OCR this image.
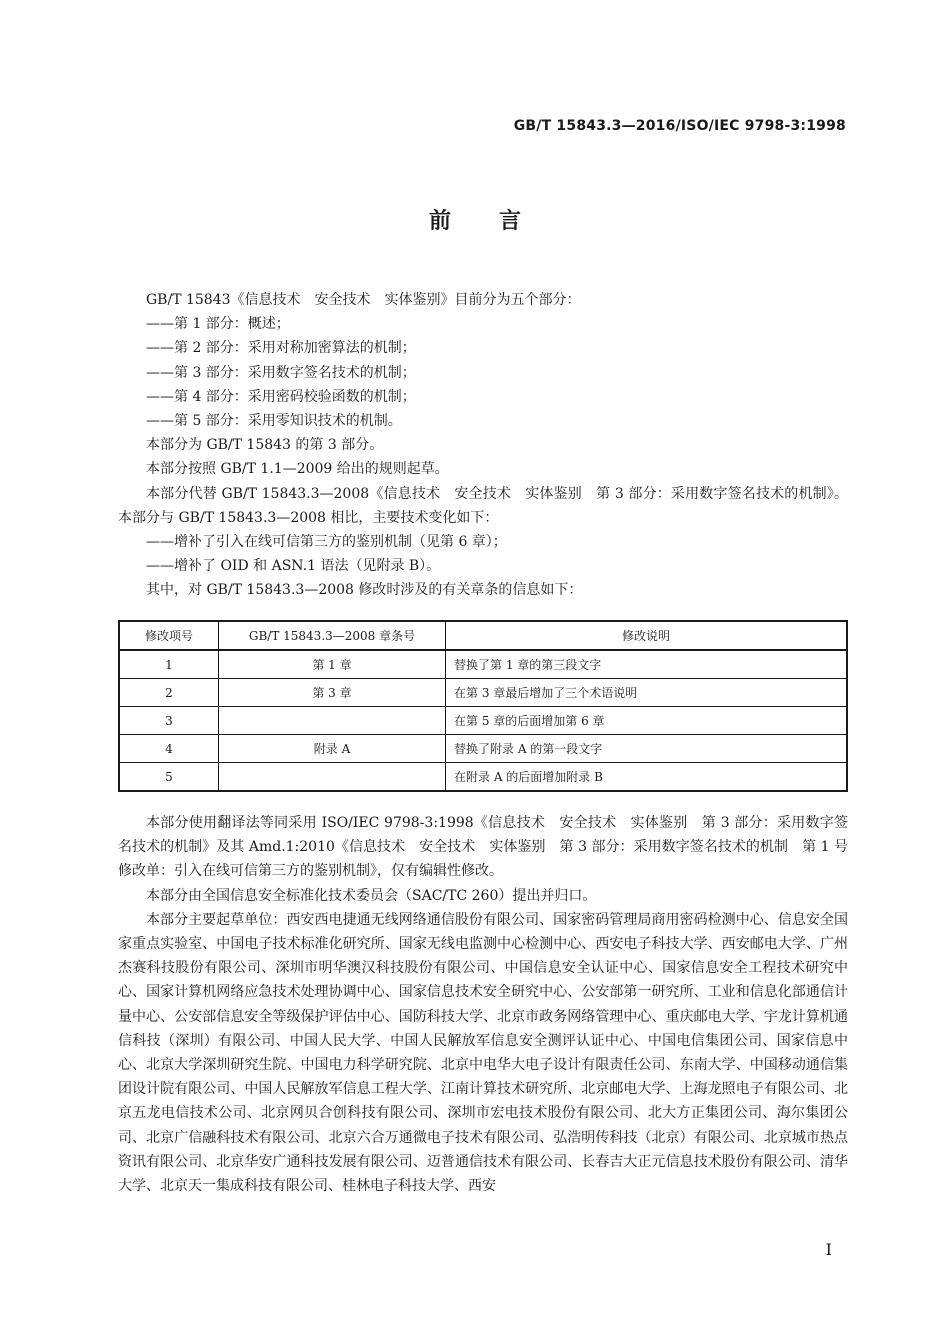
GB/T 15843.3—2016/ISO/IEC 9798-3:1998
前言

GB/T 15843《信息技术　安全技术　实体鉴别》目前分为五个部分：

——第 1 部分：概述；

——第 2 部分：采用对称加密算法的机制；

——第 3 部分：采用数字签名技术的机制；

——第 4 部分：采用密码校验函数的机制；

——第 5 部分：采用零知识技术的机制。

本部分为 GB/T 15843 的第 3 部分。

本部分按照 GB/T 1.1—2009 给出的规则起草。

本部分代替 GB/T 15843.3—2008《信息技术　安全技术　实体鉴别　第 3 部分：采用数字签名技术的机制》。本部分与 GB/T 15843.3—2008 相比，主要技术变化如下：

——增补了引入在线可信第三方的鉴别机制（见第 6 章）；

——增补了 OID 和 ASN.1 语法（见附录 B）。

其中，对 GB/T 15843.3—2008 修改时涉及的有关章条的信息如下：

修改项号	GB/T 15843.3—2008 章条号	修改说明
1	第 1 章	替换了第 1 章的第三段文字
2	第 3 章	在第 3 章最后增加了三个术语说明
3		在第 5 章的后面增加第 6 章
4	附录 A	替换了附录 A 的第一段文字
5		在附录 A 的后面增加附录 B

本部分使用翻译法等同采用 ISO/IEC 9798-3:1998《信息技术　安全技术　实体鉴别　第 3 部分：采用数字签名技术的机制》及其 Amd.1:2010《信息技术　安全技术　实体鉴别　第 3 部分：采用数字签名技术的机制　第 1 号修改单：引入在线可信第三方的鉴别机制》，仅有编辑性修改。

本部分由全国信息安全标准化技术委员会（SAC/TC 260）提出并归口。

本部分主要起草单位：西安西电捷通无线网络通信股份有限公司、国家密码管理局商用密码检测中心、信息安全国家重点实验室、中国电子技术标准化研究所、国家无线电监测中心检测中心、西安电子科技大学、西安邮电大学、广州杰赛科技股份有限公司、深圳市明华澳汉科技股份有限公司、中国信息安全认证中心、国家信息安全工程技术研究中心、国家计算机网络应急技术处理协调中心、国家信息技术安全研究中心、公安部第一研究所、工业和信息化部通信计量中心、公安部信息安全等级保护评估中心、国防科技大学、北京市政务网络管理中心、重庆邮电大学、宇龙计算机通信科技（深圳）有限公司、中国人民大学、中国人民解放军信息安全测评认证中心、中国电信集团公司、国家信息中心、北京大学深圳研究生院、中国电力科学研究院、北京中电华大电子设计有限责任公司、东南大学、中国移动通信集团设计院有限公司、中国人民解放军信息工程大学、江南计算技术研究所、北京邮电大学、上海龙照电子有限公司、北京五龙电信技术公司、北京网贝合创科技有限公司、深圳市宏电技术股份有限公司、北大方正集团公司、海尔集团公司、北京广信融科技术有限公司、北京六合万通微电子技术有限公司、弘浩明传科技（北京）有限公司、北京城市热点资讯有限公司、北京华安广通科技发展有限公司、迈普通信技术有限公司、长春吉大正元信息技术股份有限公司、清华大学、北京天一集成科技有限公司、桂林电子科技大学、西安

I
